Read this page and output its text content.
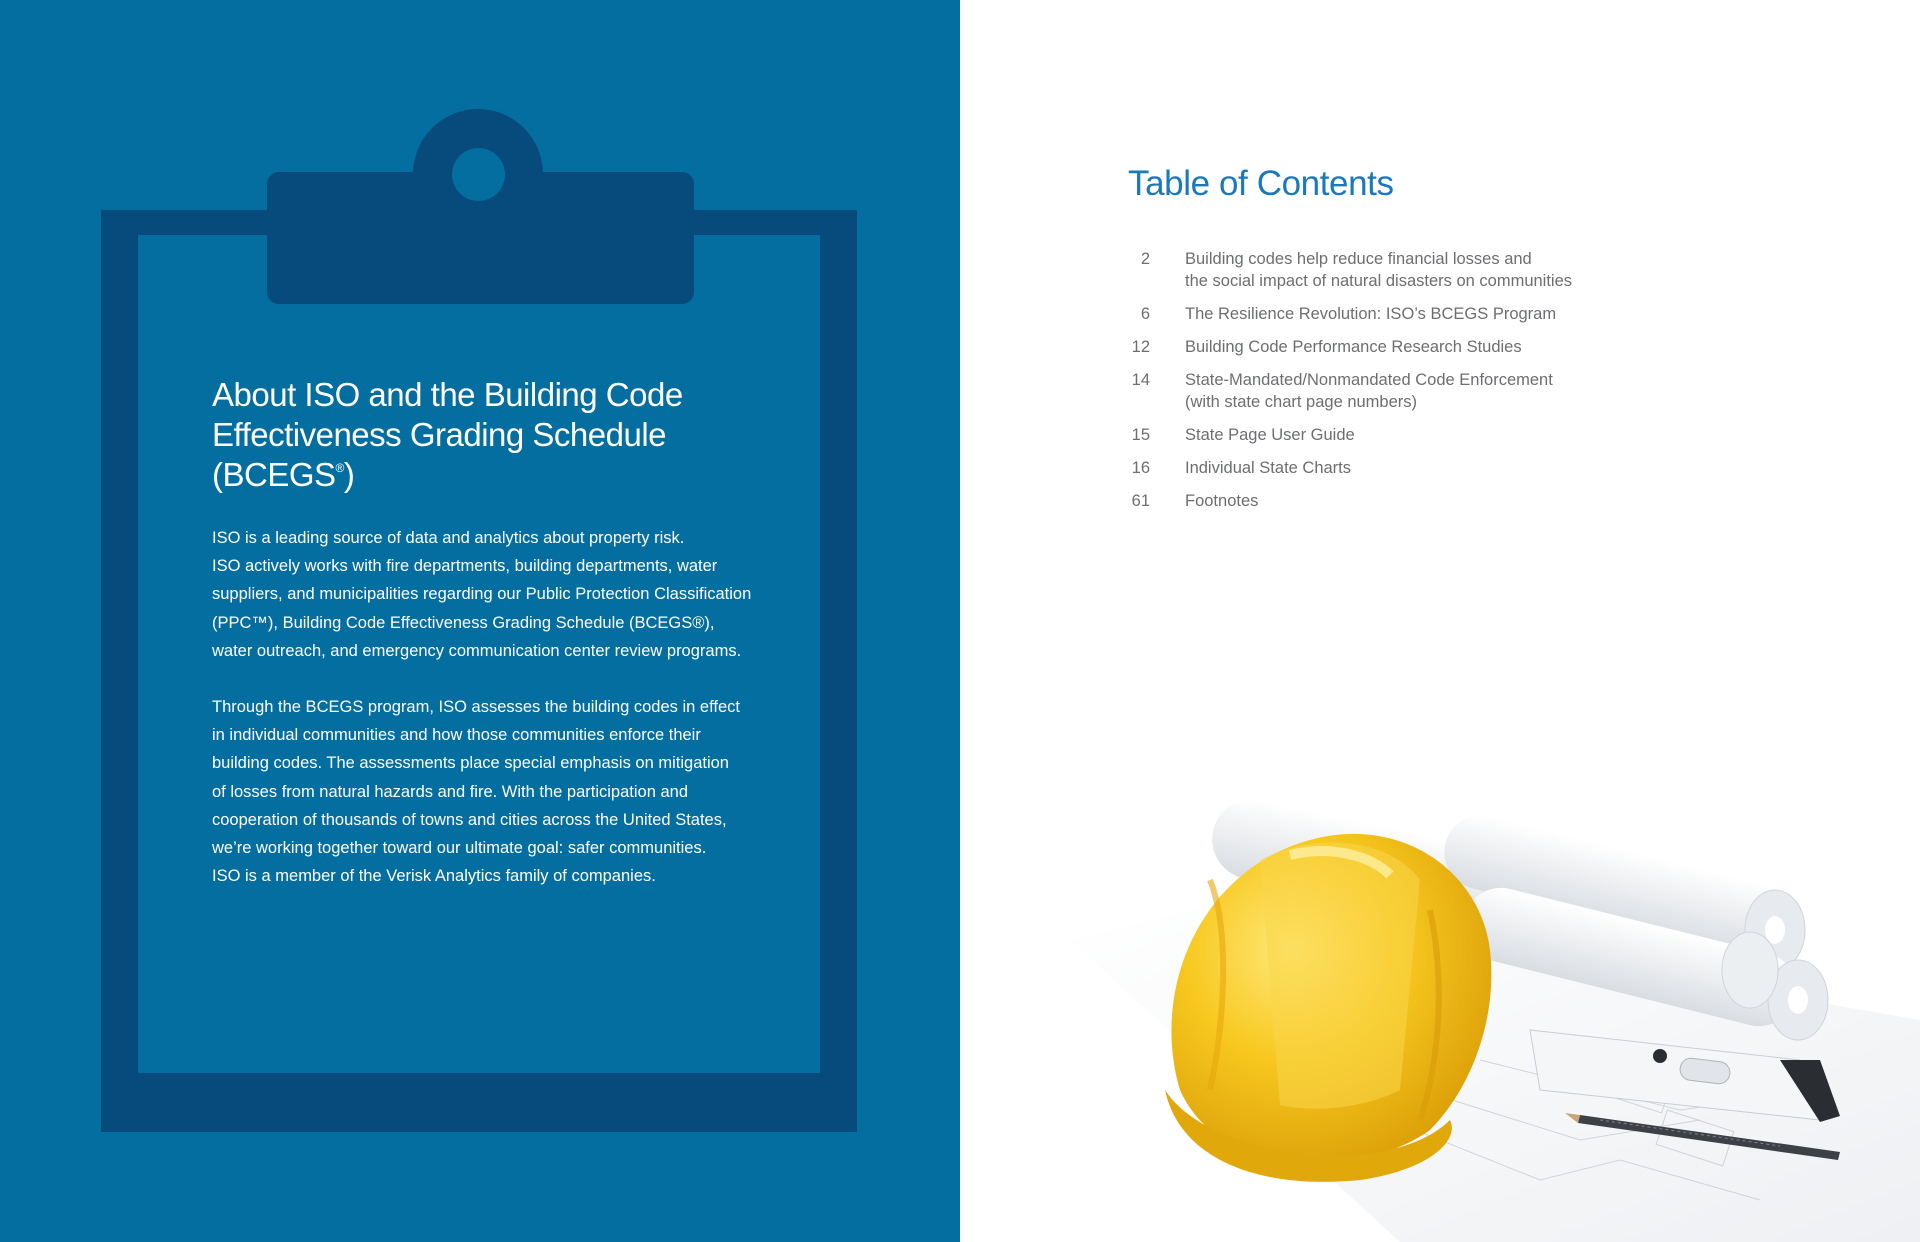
About ISO and the Building Code
Effectiveness Grading Schedule
(BCEGS®)

ISO is a leading source of data and analytics about property risk.
ISO actively works with fire departments, building departments, water
suppliers, and municipalities regarding our Public Protection Classification
(PPC™), Building Code Effectiveness Grading Schedule (BCEGS®),
water outreach, and emergency communication center review programs.

Through the BCEGS program, ISO assesses the building codes in effect
in individual communities and how those communities enforce their
building codes. The assessments place special emphasis on mitigation
of losses from natural hazards and fire. With the participation and
cooperation of thousands of towns and cities across the United States,
we’re working together toward our ultimate goal: safer communities.
ISO is a member of the Verisk Analytics family of companies.

Table of Contents
2 Building codes help reduce financial losses and
the social impact of natural disasters on communities
6 The Resilience Revolution: ISO’s BCEGS Program
12 Building Code Performance Research Studies
14 State-Mandated/Nonmandated Code Enforcement
(with state chart page numbers)
15 State Page User Guide
16 Individual State Charts
61 Footnotes
